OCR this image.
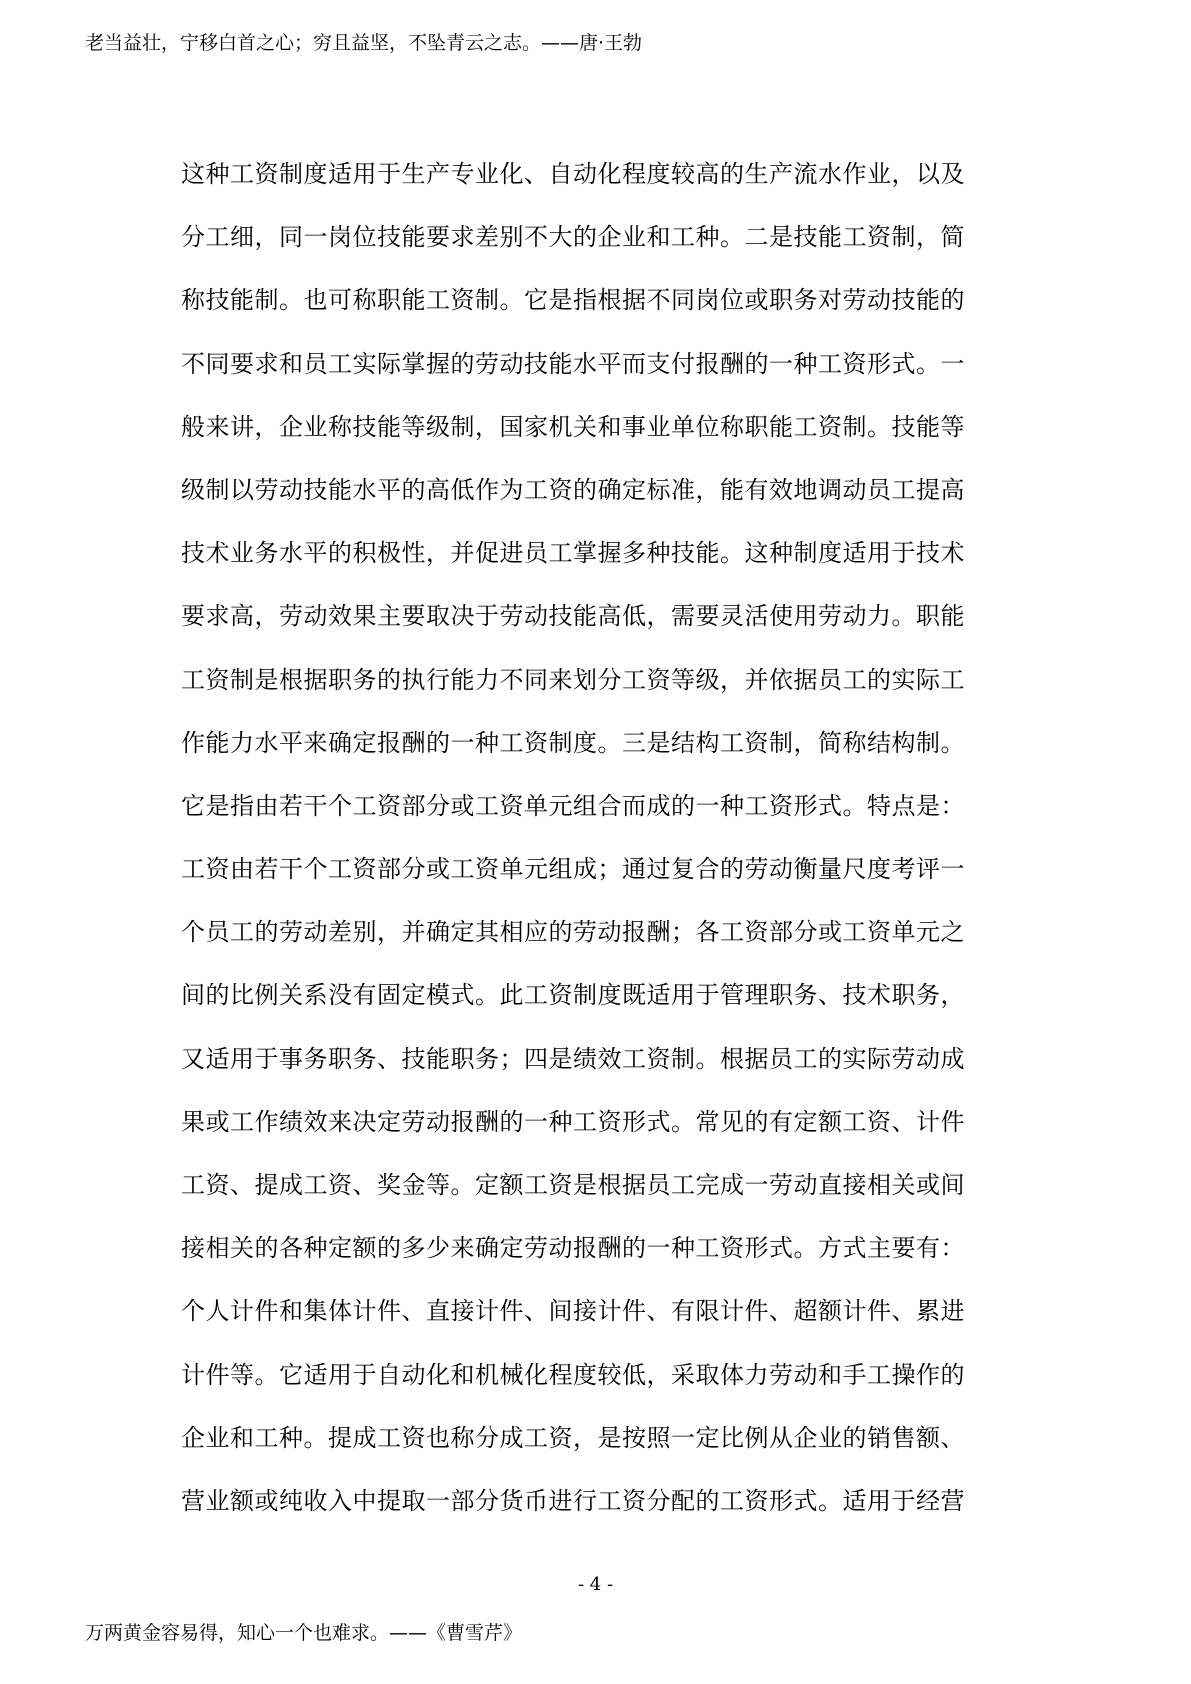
老当益壮，宁移白首之心；穷且益坚，不坠青云之志。——唐·王勃
这种工资制度适用于生产专业化、自动化程度较高的生产流水作业，以及
分工细，同一岗位技能要求差别不大的企业和工种。二是技能工资制，简
称技能制。也可称职能工资制。它是指根据不同岗位或职务对劳动技能的
不同要求和员工实际掌握的劳动技能水平而支付报酬的一种工资形式。一
般来讲，企业称技能等级制，国家机关和事业单位称职能工资制。技能等
级制以劳动技能水平的高低作为工资的确定标准，能有效地调动员工提高
技术业务水平的积极性，并促进员工掌握多种技能。这种制度适用于技术
要求高，劳动效果主要取决于劳动技能高低，需要灵活使用劳动力。职能
工资制是根据职务的执行能力不同来划分工资等级，并依据员工的实际工
作能力水平来确定报酬的一种工资制度。三是结构工资制，简称结构制。
它是指由若干个工资部分或工资单元组合而成的一种工资形式。特点是：
工资由若干个工资部分或工资单元组成；通过复合的劳动衡量尺度考评一
个员工的劳动差别，并确定其相应的劳动报酬；各工资部分或工资单元之
间的比例关系没有固定模式。此工资制度既适用于管理职务、技术职务，
又适用于事务职务、技能职务；四是绩效工资制。根据员工的实际劳动成
果或工作绩效来决定劳动报酬的一种工资形式。常见的有定额工资、计件
工资、提成工资、奖金等。定额工资是根据员工完成一劳动直接相关或间
接相关的各种定额的多少来确定劳动报酬的一种工资形式。方式主要有：
个人计件和集体计件、直接计件、间接计件、有限计件、超额计件、累进
计件等。它适用于自动化和机械化程度较低，采取体力劳动和手工操作的
企业和工种。提成工资也称分成工资，是按照一定比例从企业的销售额、
营业额或纯收入中提取一部分货币进行工资分配的工资形式。适用于经营
- 4 -
万两黄金容易得，知心一个也难求。——《曹雪芹》
